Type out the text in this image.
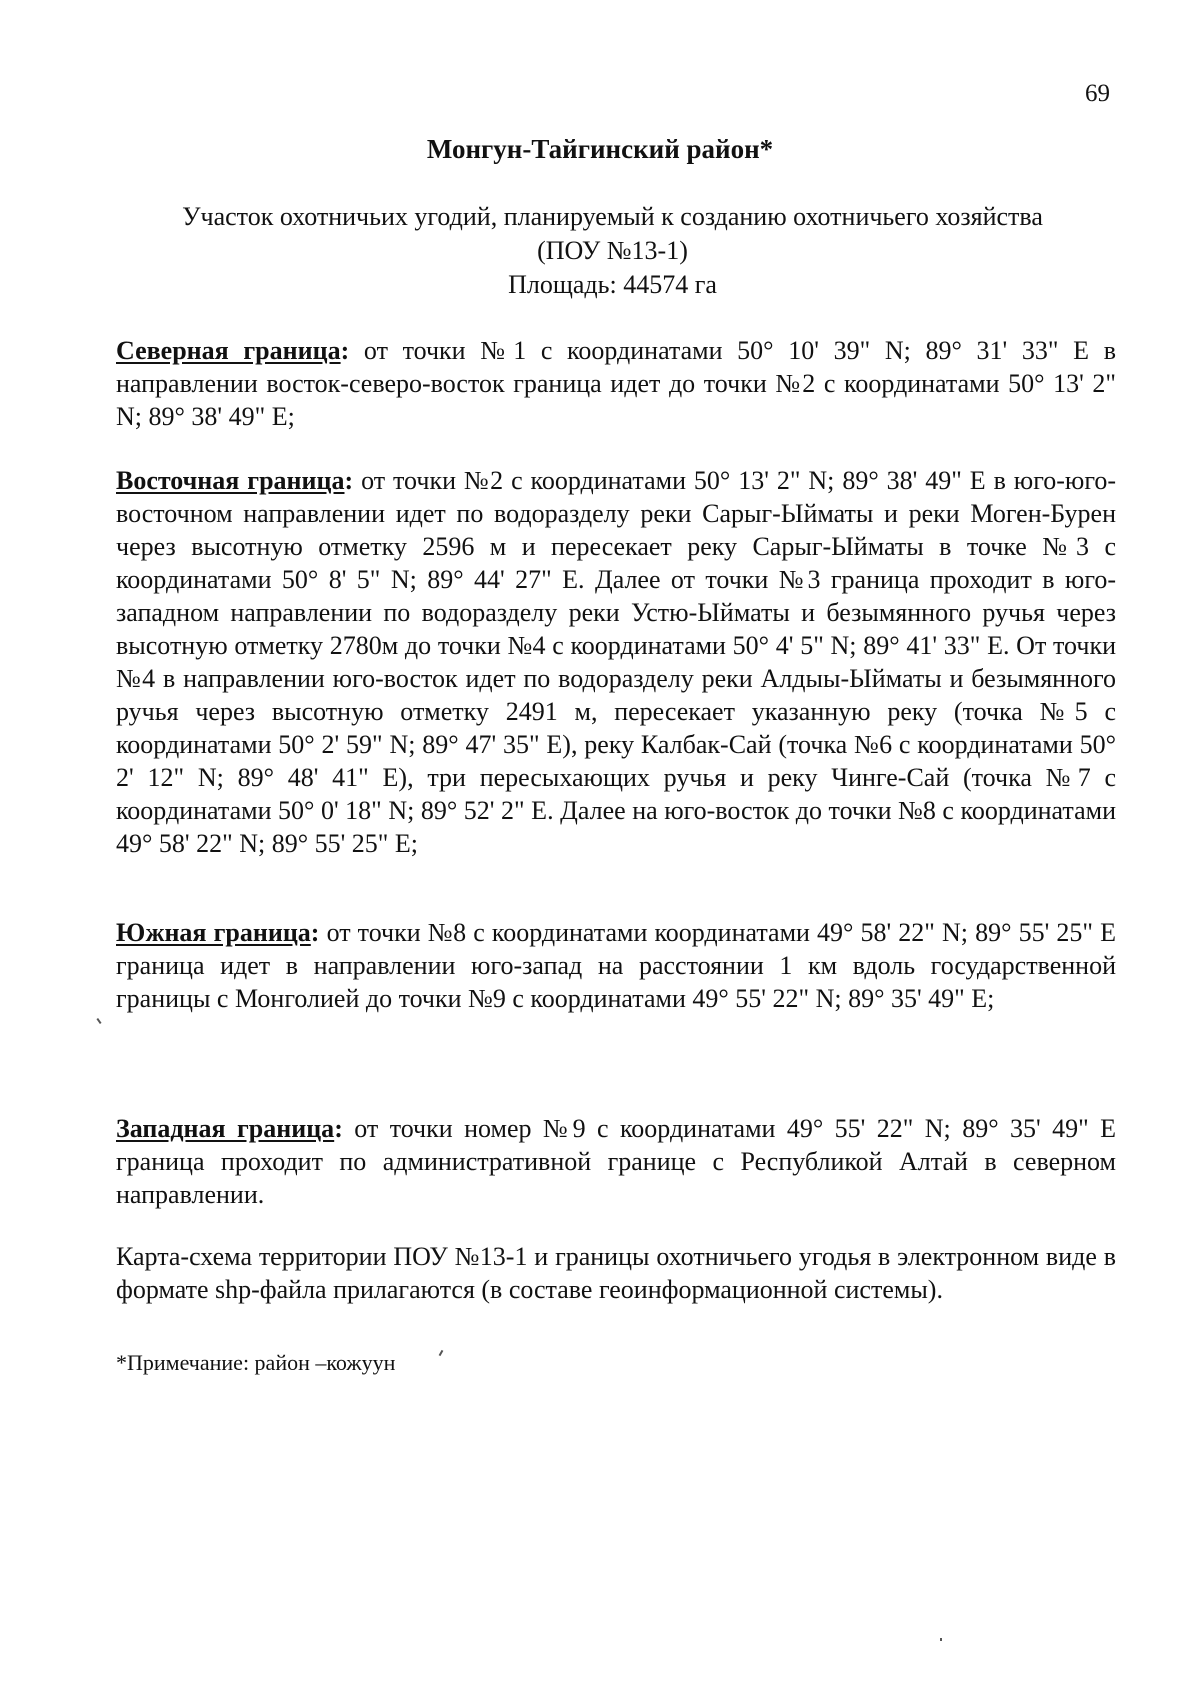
69
Монгун-Тайгинский район*
Участок охотничьих угодий, планируемый к созданию охотничьего хозяйства
(ПОУ №13-1)
Площадь: 44574 га
Северная граница: от точки №1 с координатами 50° 10' 39" N; 89° 31' 33" E в направлении восток-северо-восток граница идет до точки №2 с координатами 50° 13' 2" N; 89° 38' 49" E;
Восточная граница: от точки №2 с координатами 50° 13' 2" N; 89° 38' 49" E в юго-юго-восточном направлении идет по водоразделу реки Сарыг-Ыйматы и реки Моген-Бурен через высотную отметку 2596 м и пересекает реку Сарыг-Ыйматы в точке №3 с координатами 50° 8' 5" N; 89° 44' 27" E. Далее от точки №3 граница проходит в юго-западном направлении по водоразделу реки Устю-Ыйматы и безымянного ручья через высотную отметку 2780м до точки №4 с координатами 50° 4' 5" N; 89° 41' 33" E. От точки №4 в направлении юго-восток идет по водоразделу реки Алдыы-Ыйматы и безымянного ручья через высотную отметку 2491 м, пересекает указанную реку (точка №5 с координатами 50° 2' 59" N; 89° 47' 35" E), реку Калбак-Сай (точка №6 с координатами 50° 2' 12" N; 89° 48' 41" E), три пересыхающих ручья и реку Чинге-Сай (точка №7 с координатами 50° 0' 18" N; 89° 52' 2" E. Далее на юго-восток до точки №8 с координатами 49° 58' 22" N; 89° 55' 25" E;
Южная граница: от точки №8 с координатами координатами 49° 58' 22" N; 89° 55' 25" E граница идет в направлении юго-запад на расстоянии 1 км вдоль государственной границы с Монголией до точки №9 с координатами 49° 55' 22" N; 89° 35' 49" E;
Западная граница: от точки номер №9 с координатами 49° 55' 22" N; 89° 35' 49" E граница проходит по административной границе с Республикой Алтай в северном направлении.
Карта-схема территории ПОУ №13-1 и границы охотничьего угодья в электронном виде в формате shp-файла прилагаются (в составе геоинформационной системы).
*Примечание: район –кожуун
